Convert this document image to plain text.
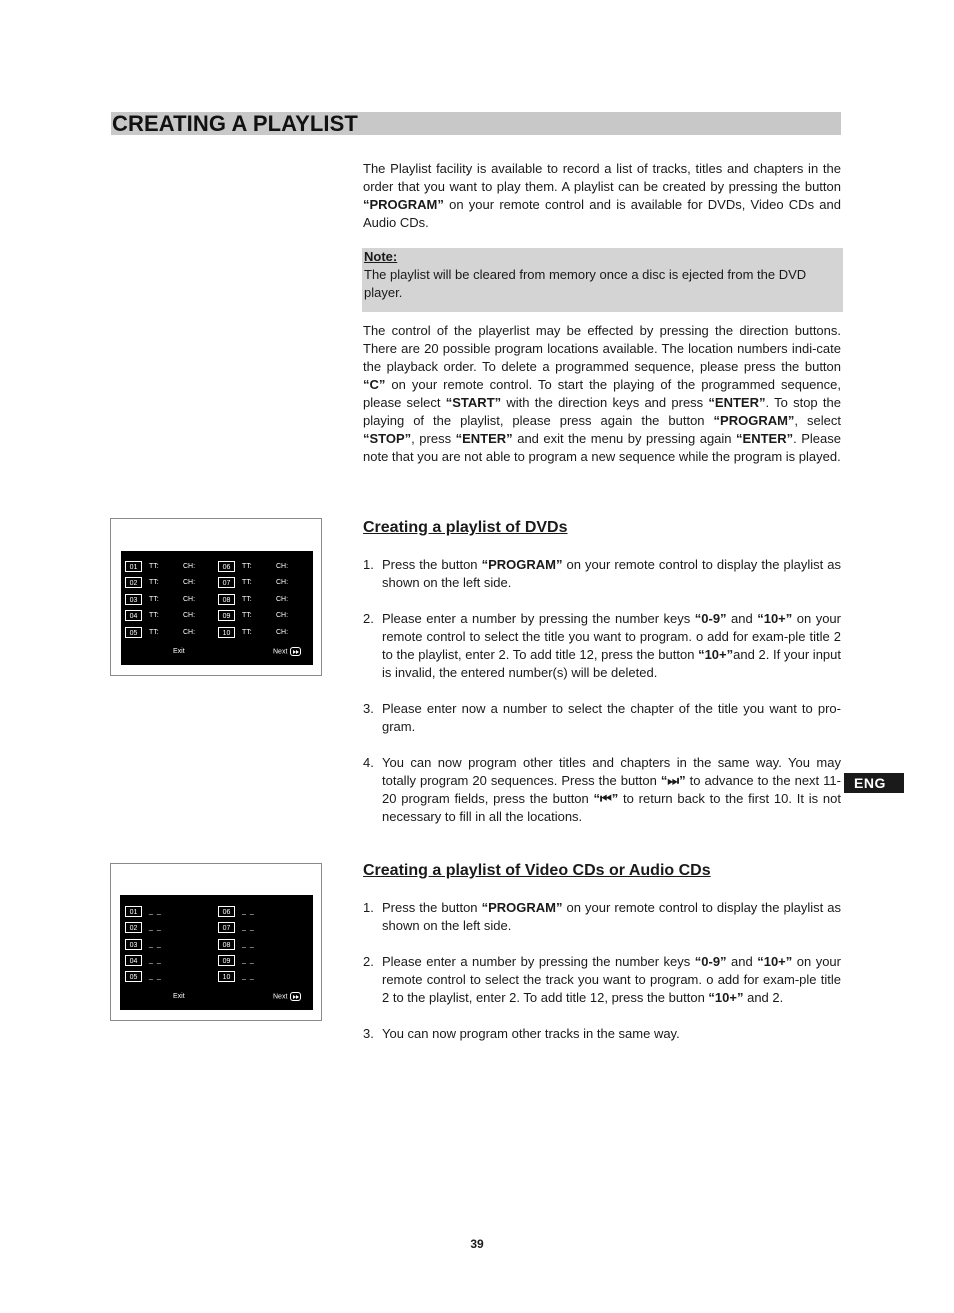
CREATING A PLAYLIST

The Playlist facility is available to record a list of tracks, titles and chapters in the order that you want to play them. A playlist can be created by pressing the button “PROGRAM” on your remote control and is available for DVDs, Video CDs and Audio CDs.

Note:
The playlist will be cleared from memory once a disc is ejected from the DVD player.

The control of the playerlist may be effected by pressing the direction buttons. There are 20 possible program locations available. The location numbers indi-cate the playback order. To delete a programmed sequence, please press the button “C” on your remote control. To start the playing of the programmed sequence, please select “START” with the direction keys and press “ENTER”. To stop the playing of the playlist, please press again the button “PROGRAM”, select “STOP”, press “ENTER” and exit the menu by pressing again “ENTER”. Please note that you are not able to program a new sequence while the program is played.

01	TT:	CH:
02	TT:	CH:
03	TT:	CH:
04	TT:	CH:
05	TT:	CH:
06	TT:	CH:
07	TT:	CH:
08	TT:	CH:
09	TT:	CH:
10	TT:	CH:
Exit	Next
Creating a playlist of DVDs
1. Press the button “PROGRAM” on your remote control to display the playlist as shown on the left side.
2. Please enter a number by pressing the number keys “0-9” and “10+” on your remote control to select the title you want to program. o add for exam-ple title 2 to the playlist, enter 2. To add title 12, press the button “10+”and 2. If your input is invalid, the entered number(s) will be deleted.
3. Please enter now a number to select the chapter of the title you want to pro-gram.
4. You can now program other titles and chapters in the same way. You may totally program 20 sequences. Press the button “⏭” to advance to the next 11-20 program fields, press the button “⏮” to return back to the first 10. It is not necessary to fill in all the locations.
ENG
01	_ _
02	_ _
03	_ _
04	_ _
05	_ _
06	_ _
07	_ _
08	_ _
09	_ _
10	_ _
Exit	Next
Creating a playlist of Video CDs or Audio CDs
1. Press the button “PROGRAM” on your remote control to display the playlist as shown on the left side.
2. Please enter a number by pressing the number keys “0-9” and “10+” on your remote control to select the track you want to program. o add for exam-ple title 2 to the playlist, enter 2. To add title 12, press the button “10+” and 2.
3. You can now program other tracks in the same way.
39
